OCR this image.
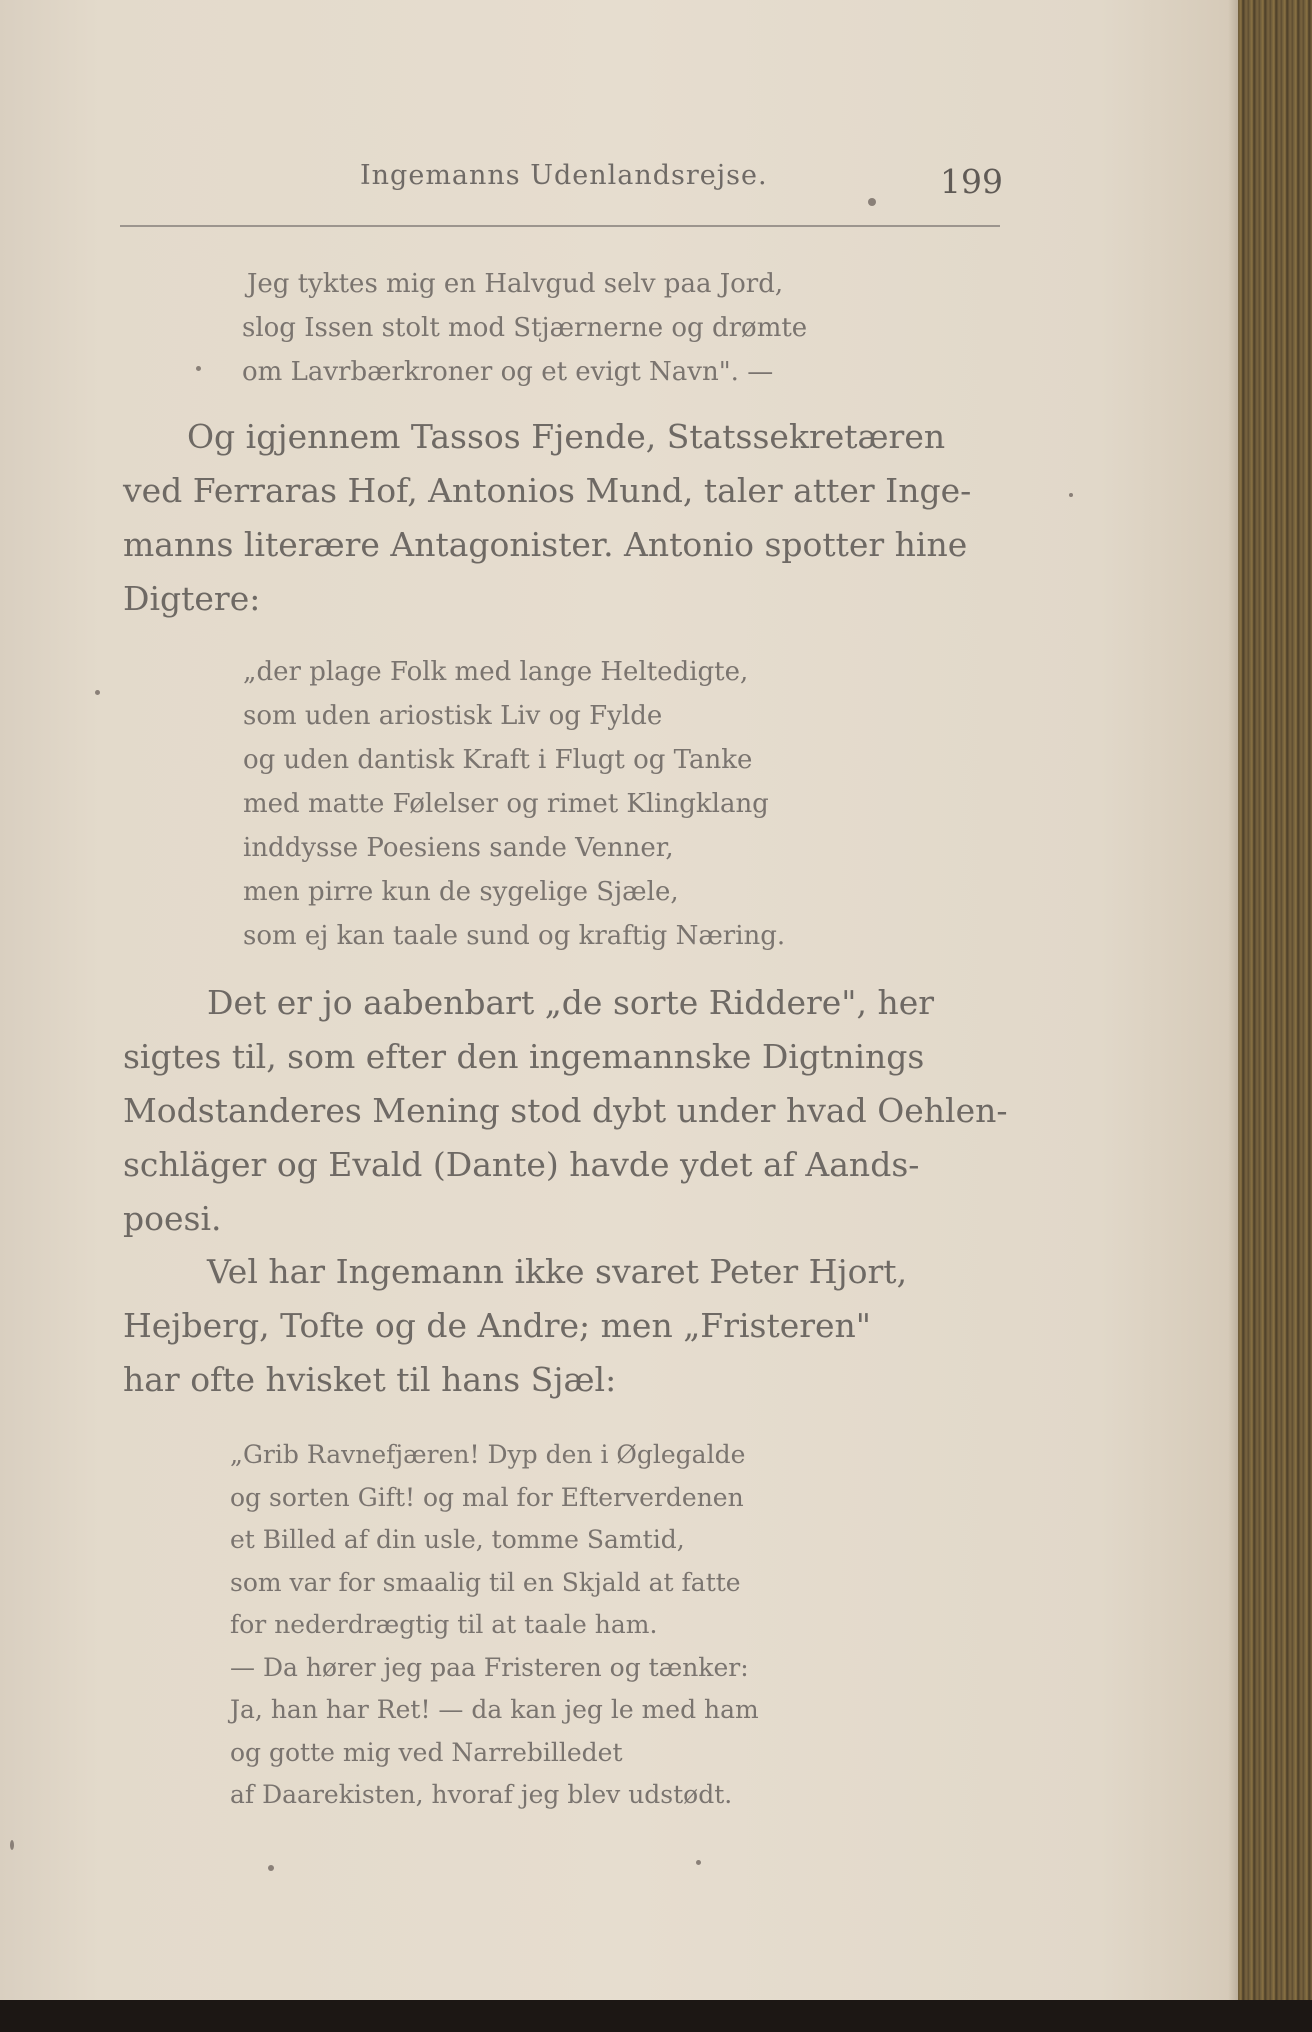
Ingemanns Udenlandsrejse.	199
Jeg tyktes mig en Halvgud selv paa Jord,
slog Issen stolt mod Stjærnerne og drømte
om Lavrbærkroner og et evigt Navn". —

Og igjennem Tassos Fjende, Statssekretæren
ved Ferraras Hof, Antonios Mund, taler atter Inge-
manns literære Antagonister. Antonio spotter hine
Digtere:

„der plage Folk med lange Heltedigte,
som uden ariostisk Liv og Fylde
og uden dantisk Kraft i Flugt og Tanke
med matte Følelser og rimet Klingklang
inddysse Poesiens sande Venner,
men pirre kun de sygelige Sjæle,
som ej kan taale sund og kraftig Næring.

Det er jo aabenbart „de sorte Riddere", her
sigtes til, som efter den ingemannske Digtnings
Modstanderes Mening stod dybt under hvad Oehlen-
schläger og Evald (Dante) havde ydet af Aands-
poesi.

Vel har Ingemann ikke svaret Peter Hjort,
Hejberg, Tofte og de Andre; men „Fristeren"
har ofte hvisket til hans Sjæl:

„Grib Ravnefjæren! Dyp den i Øglegalde
og sorten Gift! og mal for Efterverdenen
et Billed af din usle, tomme Samtid,
som var for smaalig til en Skjald at fatte
for nederdrægtig til at taale ham.
— Da hører jeg paa Fristeren og tænker:
Ja, han har Ret! — da kan jeg le med ham
og gotte mig ved Narrebilledet
af Daarekisten, hvoraf jeg blev udstødt.
